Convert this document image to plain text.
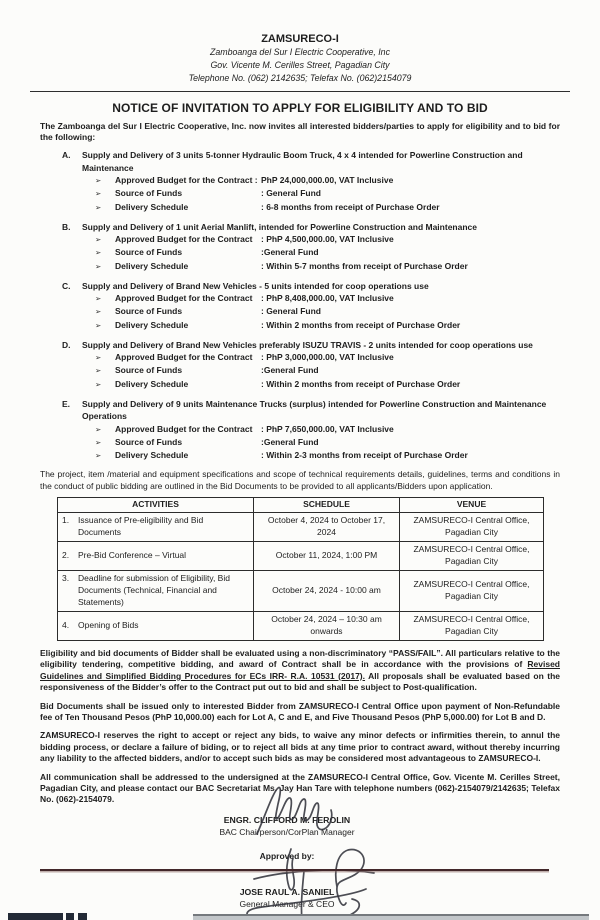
ZAMSURECO-I
Zamboanga del Sur I Electric Cooperative, Inc
Gov. Vicente M. Cerilles Street, Pagadian City
Telephone No. (062) 2142635; Telefax No. (062)2154079
NOTICE OF INVITATION TO APPLY FOR ELIGIBILITY AND TO BID
The Zamboanga del Sur I Electric Cooperative, Inc. now invites all interested bidders/parties to apply for eligibility and to bid for the following:
A.	Supply and Delivery of 3 units 5-tonner Hydraulic Boom Truck, 4 x 4 intended for Powerline Construction and Maintenance
➢	Approved Budget for the Contract : PhP 24,000,000.00, VAT Inclusive
➢	Source of Funds	: General Fund
➢	Delivery Schedule	: 6-8 months from receipt of Purchase Order
B.	Supply and Delivery of 1 unit Aerial Manlift, intended for Powerline Construction and Maintenance
➢	Approved Budget for the Contract	: PhP 4,500,000.00, VAT Inclusive
➢	Source of Funds	:General Fund
➢	Delivery Schedule	: Within 5-7 months from receipt of Purchase Order
C.	Supply and Delivery of Brand New Vehicles - 5 units intended for coop operations use
➢	Approved Budget for the Contract	: PhP 8,408,000.00, VAT Inclusive
➢	Source of Funds	: General Fund
➢	Delivery Schedule	: Within 2 months from receipt of Purchase Order
D.	Supply and Delivery of Brand New Vehicles preferably ISUZU TRAVIS - 2 units intended for coop operations use
➢	Approved Budget for the Contract	: PhP 3,000,000.00, VAT Inclusive
➢	Source of Funds	:General Fund
➢	Delivery Schedule	: Within 2 months from receipt of Purchase Order
E.	Supply and Delivery of 9 units Maintenance Trucks (surplus) intended for Powerline Construction and Maintenance Operations
➢	Approved Budget for the Contract	: PhP 7,650,000.00, VAT Inclusive
➢	Source of Funds	:General Fund
➢	Delivery Schedule	: Within 2-3 months from receipt of Purchase Order
The project, item /material and equipment specifications and scope of technical requirements details, guidelines, terms and conditions in the conduct of public bidding are outlined in the Bid Documents to be provided to all applicants/Bidders upon application.
ACTIVITIES	SCHEDULE	VENUE
1. Issuance of Pre-eligibility and Bid Documents	October 4, 2024 to October 17, 2024	ZAMSURECO-I Central Office, Pagadian City
2. Pre-Bid Conference – Virtual	October 11, 2024, 1:00 PM	ZAMSURECO-I Central Office, Pagadian City
3. Deadline for submission of Eligibility, Bid Documents (Technical, Financial and Statements)	October 24, 2024 - 10:00 am	ZAMSURECO-I Central Office, Pagadian City
4. Opening of Bids	October 24, 2024 – 10:30 am onwards	ZAMSURECO-I Central Office, Pagadian City
Eligibility and bid documents of Bidder shall be evaluated using a non-discriminatory “PASS/FAIL”. All particulars relative to the eligibility tendering, competitive bidding, and award of Contract shall be in accordance with the provisions of Revised Guidelines and Simplified Bidding Procedures for ECs IRR- R.A. 10531 (2017). All proposals shall be evaluated based on the responsiveness of the Bidder’s offer to the Contract put out to bid and shall be subject to Post-qualification.
Bid Documents shall be issued only to interested Bidder from ZAMSURECO-I Central Office upon payment of Non-Refundable fee of Ten Thousand Pesos (PhP 10,000.00) each for Lot A, C and E, and Five Thousand Pesos (PhP 5,000.00) for Lot B and D.
ZAMSURECO-I reserves the right to accept or reject any bids, to waive any minor defects or infirmities therein, to annul the bidding process, or declare a failure of biding, or to reject all bids at any time prior to contract award, without thereby incurring any liability to the affected bidders, and/or to accept such bids as may be considered most advantageous to ZAMSURECO-I.
All communication shall be addressed to the undersigned at the ZAMSURECO-I Central Office, Gov. Vicente M. Cerilles Street, Pagadian City, and please contact our BAC Secretariat Ms. Jay Han Tare with telephone numbers (062)-2154079/2142635; Telefax No. (062)-2154079.
ENGR. CLIFFORD M. FEROLIN
BAC Chairperson/CorPlan Manager
Approved by:
JOSE RAUL A. SANIEL
General Manager & CEO
